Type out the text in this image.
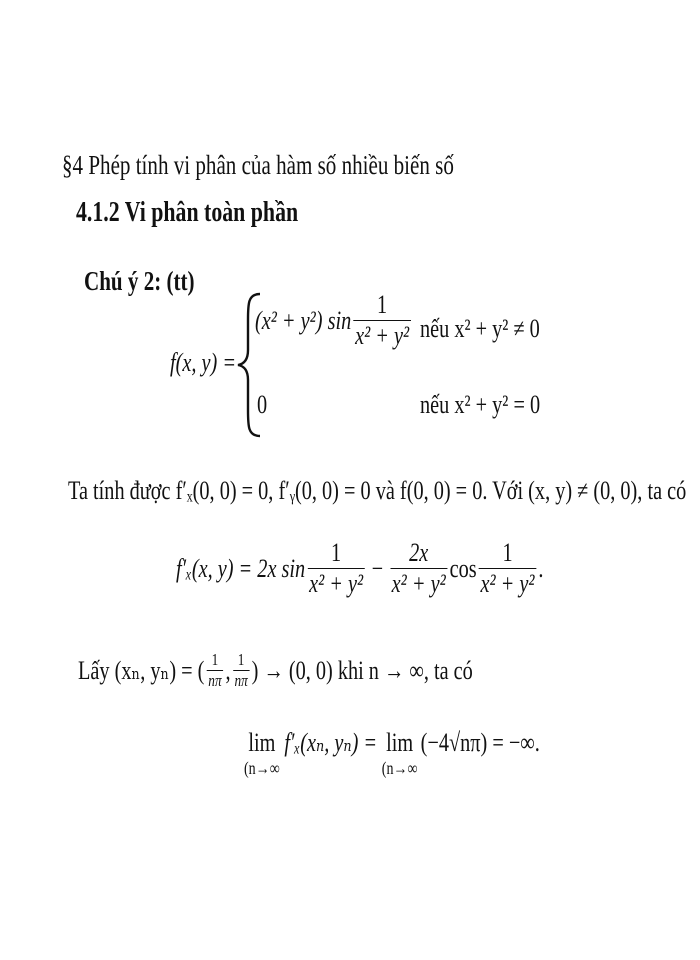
§4 Phép tính vi phân của hàm số nhiều biến số
4.1.2 Vi phân toàn phần
Chú ý 2: (tt)
f(x, y) =
(x² + y²) $\sin \frac{1}{\text{x² + y²}}$ nếu x² + y² ≠ 0
0	nếu x² + y² = 0
Ta tính được f′ₓ(0, 0) = 0, f′ᵧ(0, 0) = 0 và f(0, 0) = 0. Với (x, y) ≠ (0, 0), ta có
f′ₓ(x, y) = 2x $\sin \frac{1}{\text{x² + y²}} - \frac{2x}{\text{x² + y²}}$ $\cos \frac{1}{\text{x² + y²}}$ .
Lấy (xₙ, yₙ) = ( $\frac{1}{n\pi}$ , $\frac{1}{n\pi}$ ) → (0, 0) khi n → ∞, ta có
lim
(n→∞
f′ₓ(xₙ, yₙ) = lim
(n→∞
(−4√nπ) = −∞.
